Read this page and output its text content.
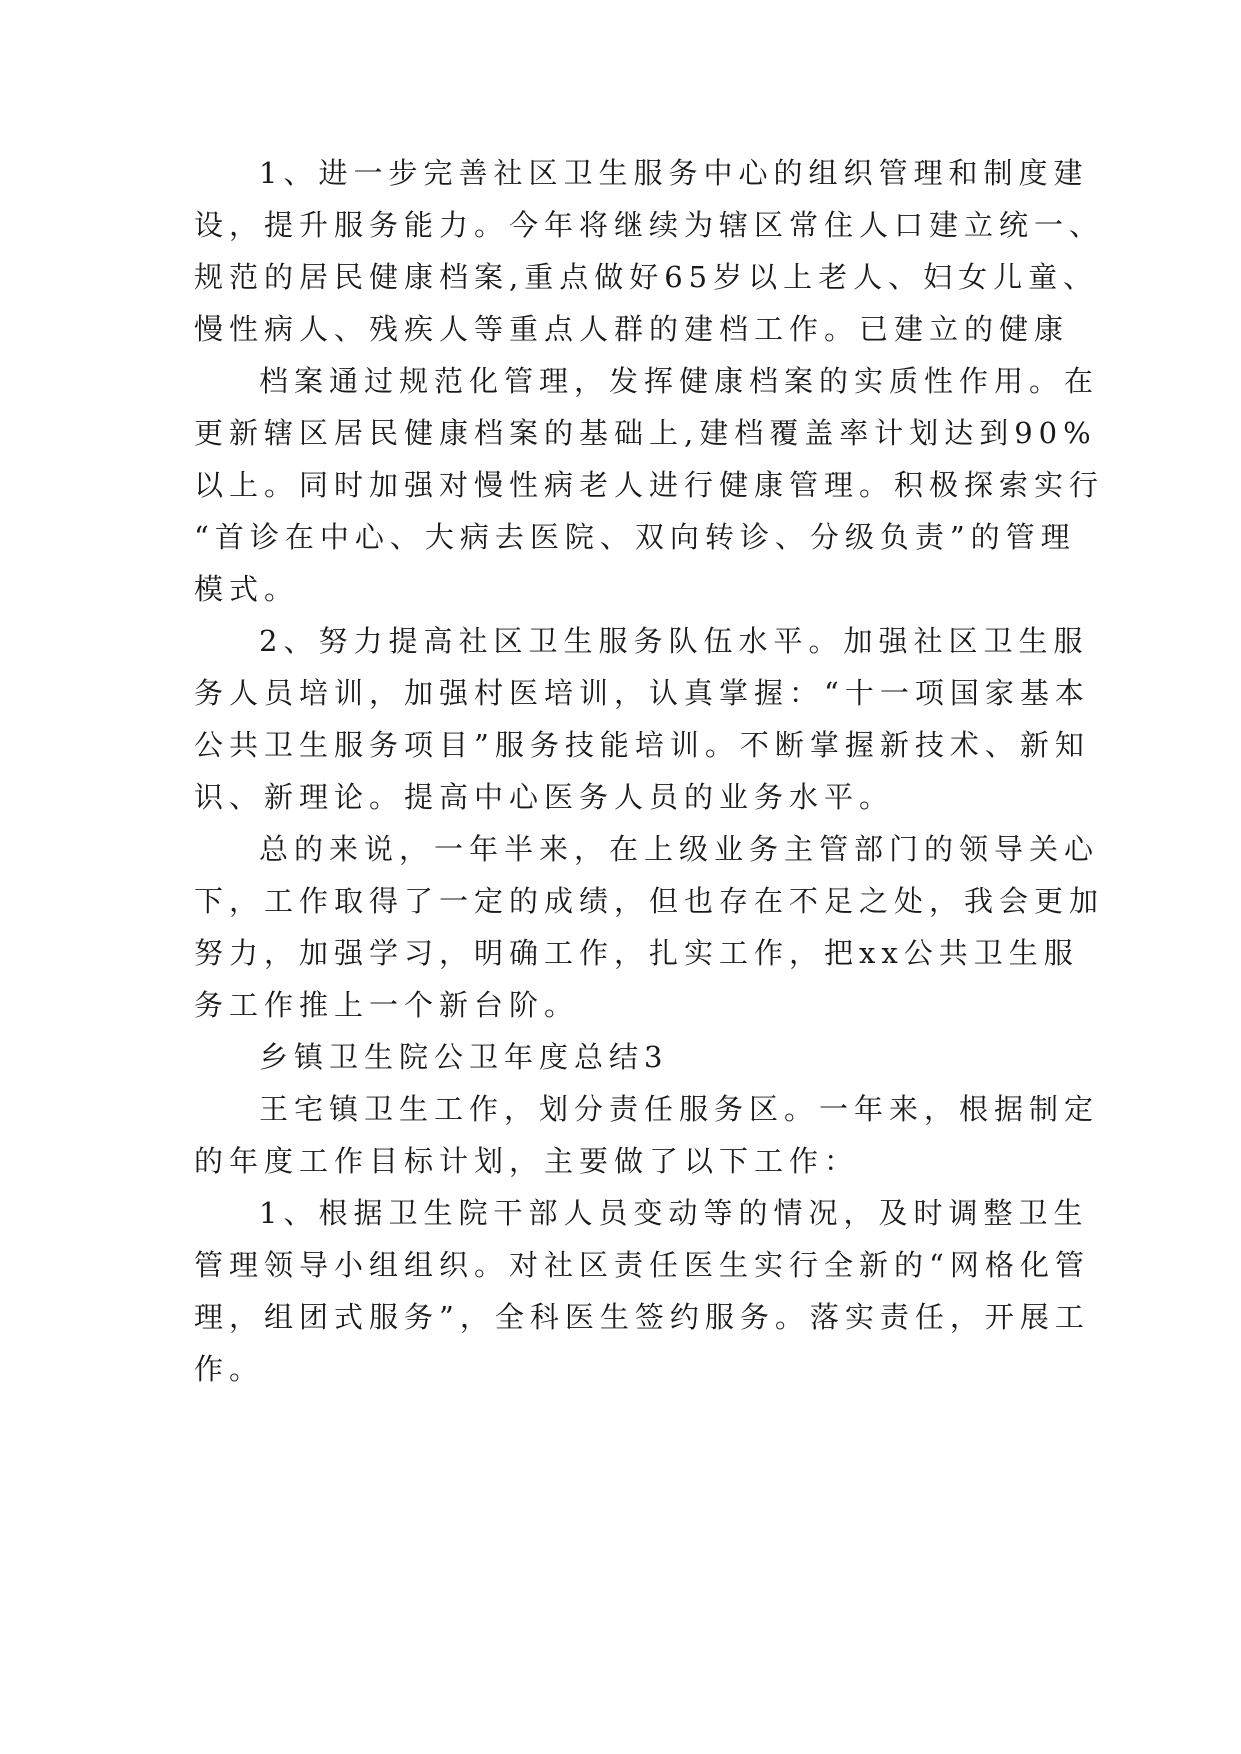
1、进一步完善社区卫生服务中心的组织管理和制度建
设，提升服务能力。今年将继续为辖区常住人口建立统一、
规范的居民健康档案,重点做好65岁以上老人、妇女儿童、
慢性病人、残疾人等重点人群的建档工作。已建立的健康
档案通过规范化管理，发挥健康档案的实质性作用。在
更新辖区居民健康档案的基础上,建档覆盖率计划达到90%
以上。同时加强对慢性病老人进行健康管理。积极探索实行
“首诊在中心、大病去医院、双向转诊、分级负责”的管理
模式。
2、努力提高社区卫生服务队伍水平。加强社区卫生服
务人员培训，加强村医培训，认真掌握：“十一项国家基本
公共卫生服务项目”服务技能培训。不断掌握新技术、新知
识、新理论。提高中心医务人员的业务水平。
总的来说，一年半来，在上级业务主管部门的领导关心
下，工作取得了一定的成绩，但也存在不足之处，我会更加
努力，加强学习，明确工作，扎实工作，把xx公共卫生服
务工作推上一个新台阶。
乡镇卫生院公卫年度总结3
王宅镇卫生工作，划分责任服务区。一年来，根据制定
的年度工作目标计划，主要做了以下工作：
1、根据卫生院干部人员变动等的情况，及时调整卫生
管理领导小组组织。对社区责任医生实行全新的“网格化管
理，组团式服务”，全科医生签约服务。落实责任，开展工
作。
